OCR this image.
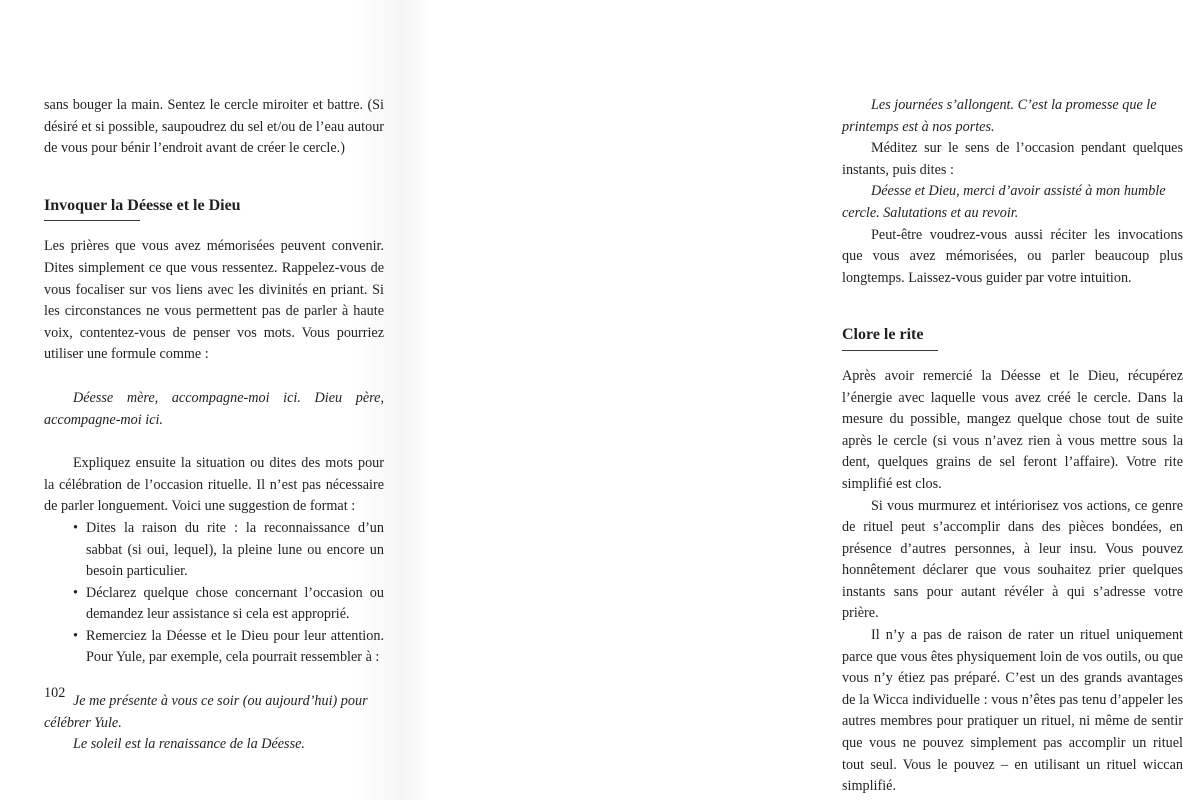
sans bouger la main. Sentez le cercle miroiter et battre. (Si désiré et si possible, saupoudrez du sel et/ou de l’eau autour de vous pour bénir l’endroit avant de créer le cercle.)

Invoquer la Déesse et le Dieu

Les prières que vous avez mémorisées peuvent convenir. Dites simplement ce que vous ressentez. Rappelez-vous de vous focaliser sur vos liens avec les divinités en priant. Si les circonstances ne vous permettent pas de parler à haute voix, contentez-vous de penser vos mots. Vous pourriez utiliser une formule comme :

Déesse mère, accompagne-moi ici. Dieu père, accompagne-moi ici.

Expliquez ensuite la situation ou dites des mots pour la célébration de l’occasion rituelle. Il n’est pas nécessaire de parler longuement. Voici une suggestion de format :

• Dites la raison du rite : la reconnaissance d’un sabbat (si oui, lequel), la pleine lune ou encore un besoin particulier.
• Déclarez quelque chose concernant l’occasion ou demandez leur assistance si cela est approprié.
• Remerciez la Déesse et le Dieu pour leur attention. Pour Yule, par exemple, cela pourrait ressembler à :

Je me présente à vous ce soir (ou aujourd’hui) pour célébrer Yule.

Le soleil est la renaissance de la Déesse.

102

Les journées s’allongent. C’est la promesse que le printemps est à nos portes.

Méditez sur le sens de l’occasion pendant quelques instants, puis dites :

Déesse et Dieu, merci d’avoir assisté à mon humble cercle. Salutations et au revoir.

Peut-être voudrez-vous aussi réciter les invocations que vous avez mémorisées, ou parler beaucoup plus longtemps. Laissez-vous guider par votre intuition.

Clore le rite

Après avoir remercié la Déesse et le Dieu, récupérez l’énergie avec laquelle vous avez créé le cercle. Dans la mesure du possible, mangez quelque chose tout de suite après le cercle (si vous n’avez rien à vous mettre sous la dent, quelques grains de sel feront l’affaire). Votre rite simplifié est clos.

Si vous murmurez et intériorisez vos actions, ce genre de rituel peut s’accomplir dans des pièces bondées, en présence d’autres personnes, à leur insu. Vous pouvez honnêtement déclarer que vous souhaitez prier quelques instants sans pour autant révéler à qui s’adresse votre prière.

Il n’y a pas de raison de rater un rituel uniquement parce que vous êtes physiquement loin de vos outils, ou que vous n’y étiez pas préparé. C’est un des grands avantages de la Wicca individuelle : vous n’êtes pas tenu d’appeler les autres membres pour pratiquer un rituel, ni même de sentir que vous ne pouvez simplement pas accomplir un rituel tout seul. Vous le pouvez – en utilisant un rituel wiccan simplifié.
